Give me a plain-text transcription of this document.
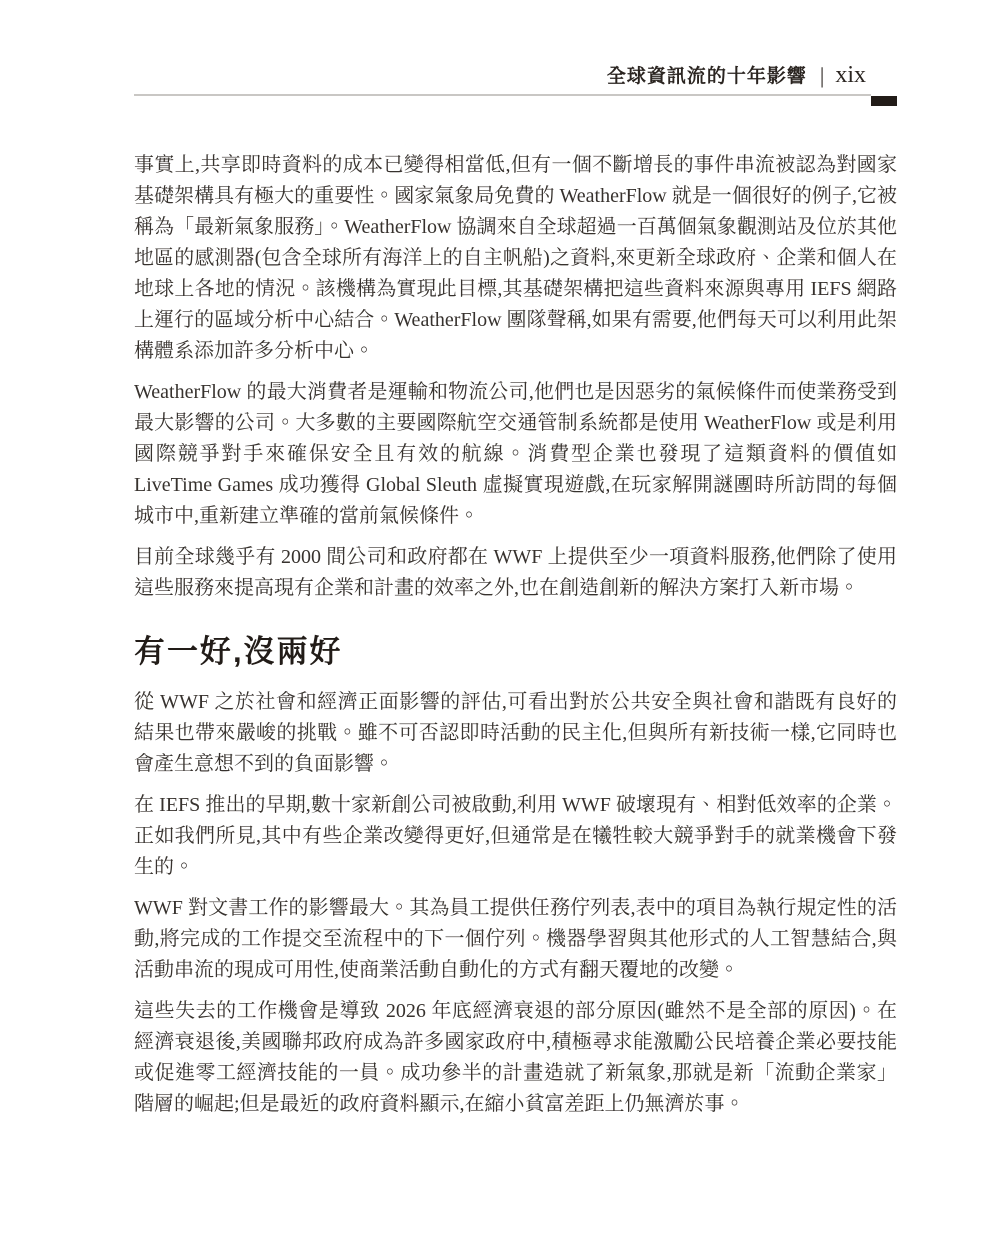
全球資訊流的十年影響 | xix

事實上,共享即時資料的成本已變得相當低,但有一個不斷增長的事件串流被認為對國家基礎架構具有極大的重要性。國家氣象局免費的 WeatherFlow 就是一個很好的例子,它被稱為「最新氣象服務」。WeatherFlow 協調來自全球超過一百萬個氣象觀測站及位於其他地區的感測器(包含全球所有海洋上的自主帆船)之資料,來更新全球政府、企業和個人在地球上各地的情況。該機構為實現此目標,其基礎架構把這些資料來源與專用 IEFS 網路上運行的區域分析中心結合。WeatherFlow 團隊聲稱,如果有需要,他們每天可以利用此架構體系添加許多分析中心。

WeatherFlow 的最大消費者是運輸和物流公司,他們也是因惡劣的氣候條件而使業務受到最大影響的公司。大多數的主要國際航空交通管制系統都是使用 WeatherFlow 或是利用國際競爭對手來確保安全且有效的航線。消費型企業也發現了這類資料的價值如 LiveTime Games 成功獲得 Global Sleuth 虛擬實現遊戲,在玩家解開謎團時所訪問的每個城市中,重新建立準確的當前氣候條件。

目前全球幾乎有 2000 間公司和政府都在 WWF 上提供至少一項資料服務,他們除了使用這些服務來提高現有企業和計畫的效率之外,也在創造創新的解決方案打入新市場。

有一好,沒兩好

從 WWF 之於社會和經濟正面影響的評估,可看出對於公共安全與社會和諧既有良好的結果也帶來嚴峻的挑戰。雖不可否認即時活動的民主化,但與所有新技術一樣,它同時也會產生意想不到的負面影響。

在 IEFS 推出的早期,數十家新創公司被啟動,利用 WWF 破壞現有、相對低效率的企業。正如我們所見,其中有些企業改變得更好,但通常是在犧牲較大競爭對手的就業機會下發生的。

WWF 對文書工作的影響最大。其為員工提供任務佇列表,表中的項目為執行規定性的活動,將完成的工作提交至流程中的下一個佇列。機器學習與其他形式的人工智慧結合,與活動串流的現成可用性,使商業活動自動化的方式有翻天覆地的改變。

這些失去的工作機會是導致 2026 年底經濟衰退的部分原因(雖然不是全部的原因)。在經濟衰退後,美國聯邦政府成為許多國家政府中,積極尋求能激勵公民培養企業必要技能或促進零工經濟技能的一員。成功參半的計畫造就了新氣象,那就是新「流動企業家」階層的崛起;但是最近的政府資料顯示,在縮小貧富差距上仍無濟於事。
